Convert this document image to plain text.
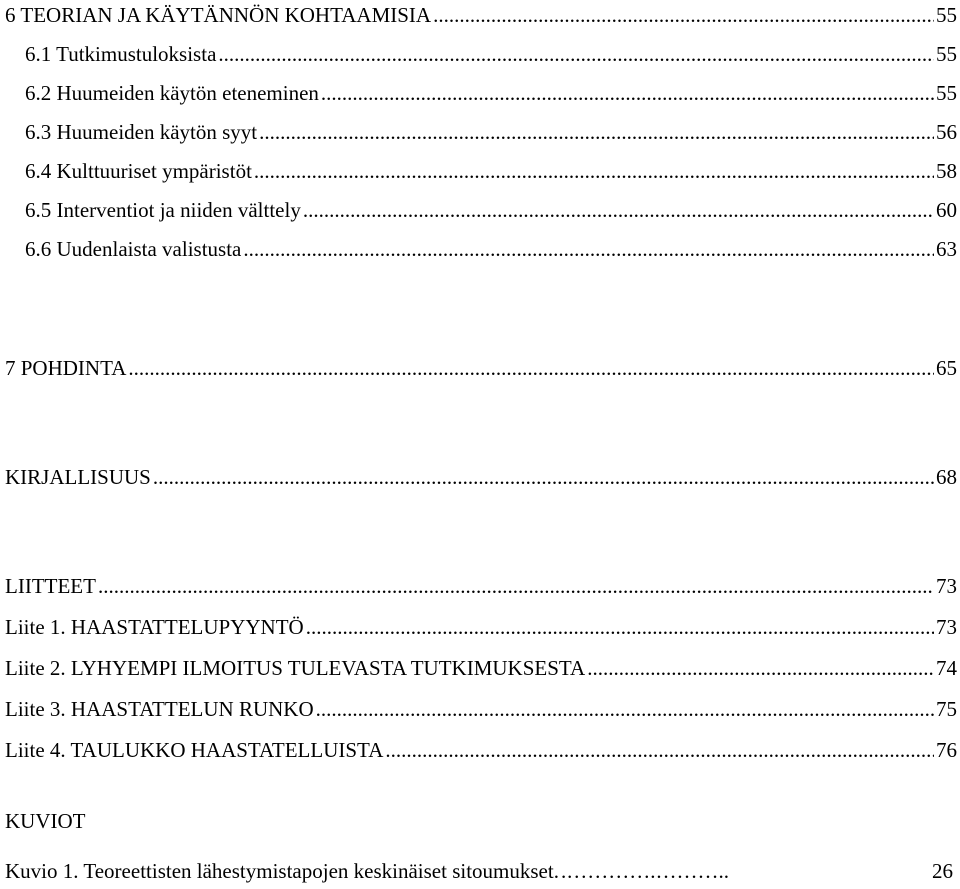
6 TEORIAN JA KÄYTÄNNÖN KOHTAAMISIA .....	55
6.1 Tutkimustuloksista .....	55
6.2 Huumeiden käytön eteneminen .....	55
6.3 Huumeiden käytön syyt .....	56
6.4 Kulttuuriset ympäristöt .....	58
6.5 Interventiot ja niiden välttely .....	60
6.6 Uudenlaista valistusta .....	63
7 POHDINTA .....	65
KIRJALLISUUS .....	68
LIITTEET .....	73
Liite 1. HAASTATTELUPYYNTÖ .....	73
Liite 2. LYHYEMPI ILMOITUS TULEVASTA TUTKIMUKSESTA .....	74
Liite 3. HAASTATTELUN RUNKO .....	75
Liite 4. TAULUKKO HAASTATELLUISTA .....	76
KUVIOT
Kuvio 1. Teoreettisten lähestymistapojen keskinäiset sitoumukset. .………….………..	26
